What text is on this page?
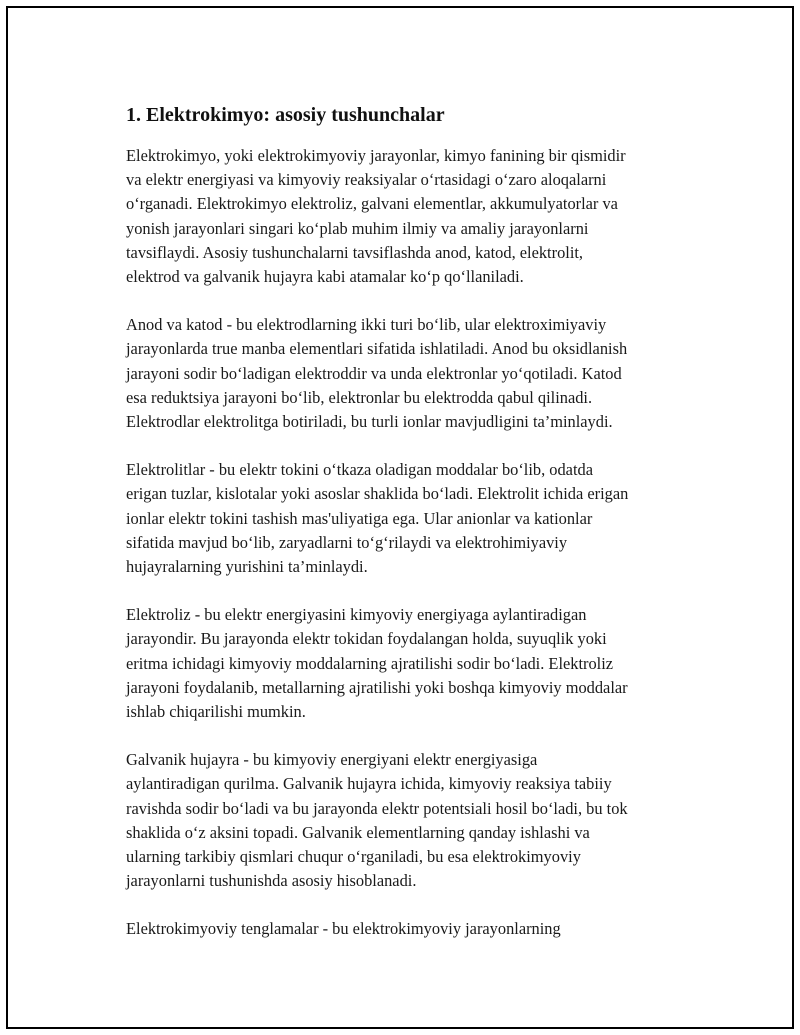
1. Elektrokimyo: asosiy tushunchalar

Elektrokimyo, yoki elektrokimyoviy jarayonlar, kimyo fanining bir qismidir
va elektr energiyasi va kimyoviy reaksiyalar o‘rtasidagi o‘zaro aloqalarni
o‘rganadi. Elektrokimyo elektroliz, galvani elementlar, akkumulyatorlar va
yonish jarayonlari singari ko‘plab muhim ilmiy va amaliy jarayonlarni
tavsiflaydi. Asosiy tushunchalarni tavsiflashda anod, katod, elektrolit,
elektrod va galvanik hujayra kabi atamalar ko‘p qo‘llaniladi.

Anod va katod - bu elektrodlarning ikki turi bo‘lib, ular elektroximiyaviy
jarayonlarda true manba elementlari sifatida ishlatiladi. Anod bu oksidlanish
jarayoni sodir bo‘ladigan elektroddir va unda elektronlar yo‘qotiladi. Katod
esa reduktsiya jarayoni bo‘lib, elektronlar bu elektrodda qabul qilinadi.
Elektrodlar elektrolitga botiriladi, bu turli ionlar mavjudligini ta’minlaydi.

Elektrolitlar - bu elektr tokini o‘tkaza oladigan moddalar bo‘lib, odatda
erigan tuzlar, kislotalar yoki asoslar shaklida bo‘ladi. Elektrolit ichida erigan
ionlar elektr tokini tashish mas'uliyatiga ega. Ular anionlar va kationlar
sifatida mavjud bo‘lib, zaryadlarni to‘g‘rilaydi va elektrohimiyaviy
hujayralarning yurishini ta’minlaydi.

Elektroliz - bu elektr energiyasini kimyoviy energiyaga aylantiradigan
jarayondir. Bu jarayonda elektr tokidan foydalangan holda, suyuqlik yoki
eritma ichidagi kimyoviy moddalarning ajratilishi sodir bo‘ladi. Elektroliz
jarayoni foydalanib, metallarning ajratilishi yoki boshqa kimyoviy moddalar
ishlab chiqarilishi mumkin.

Galvanik hujayra - bu kimyoviy energiyani elektr energiyasiga
aylantiradigan qurilma. Galvanik hujayra ichida, kimyoviy reaksiya tabiiy
ravishda sodir bo‘ladi va bu jarayonda elektr potentsiali hosil bo‘ladi, bu tok
shaklida o‘z aksini topadi. Galvanik elementlarning qanday ishlashi va
ularning tarkibiy qismlari chuqur o‘rganiladi, bu esa elektrokimyoviy
jarayonlarni tushunishda asosiy hisoblanadi.

Elektrokimyoviy tenglamalar - bu elektrokimyoviy jarayonlarning
